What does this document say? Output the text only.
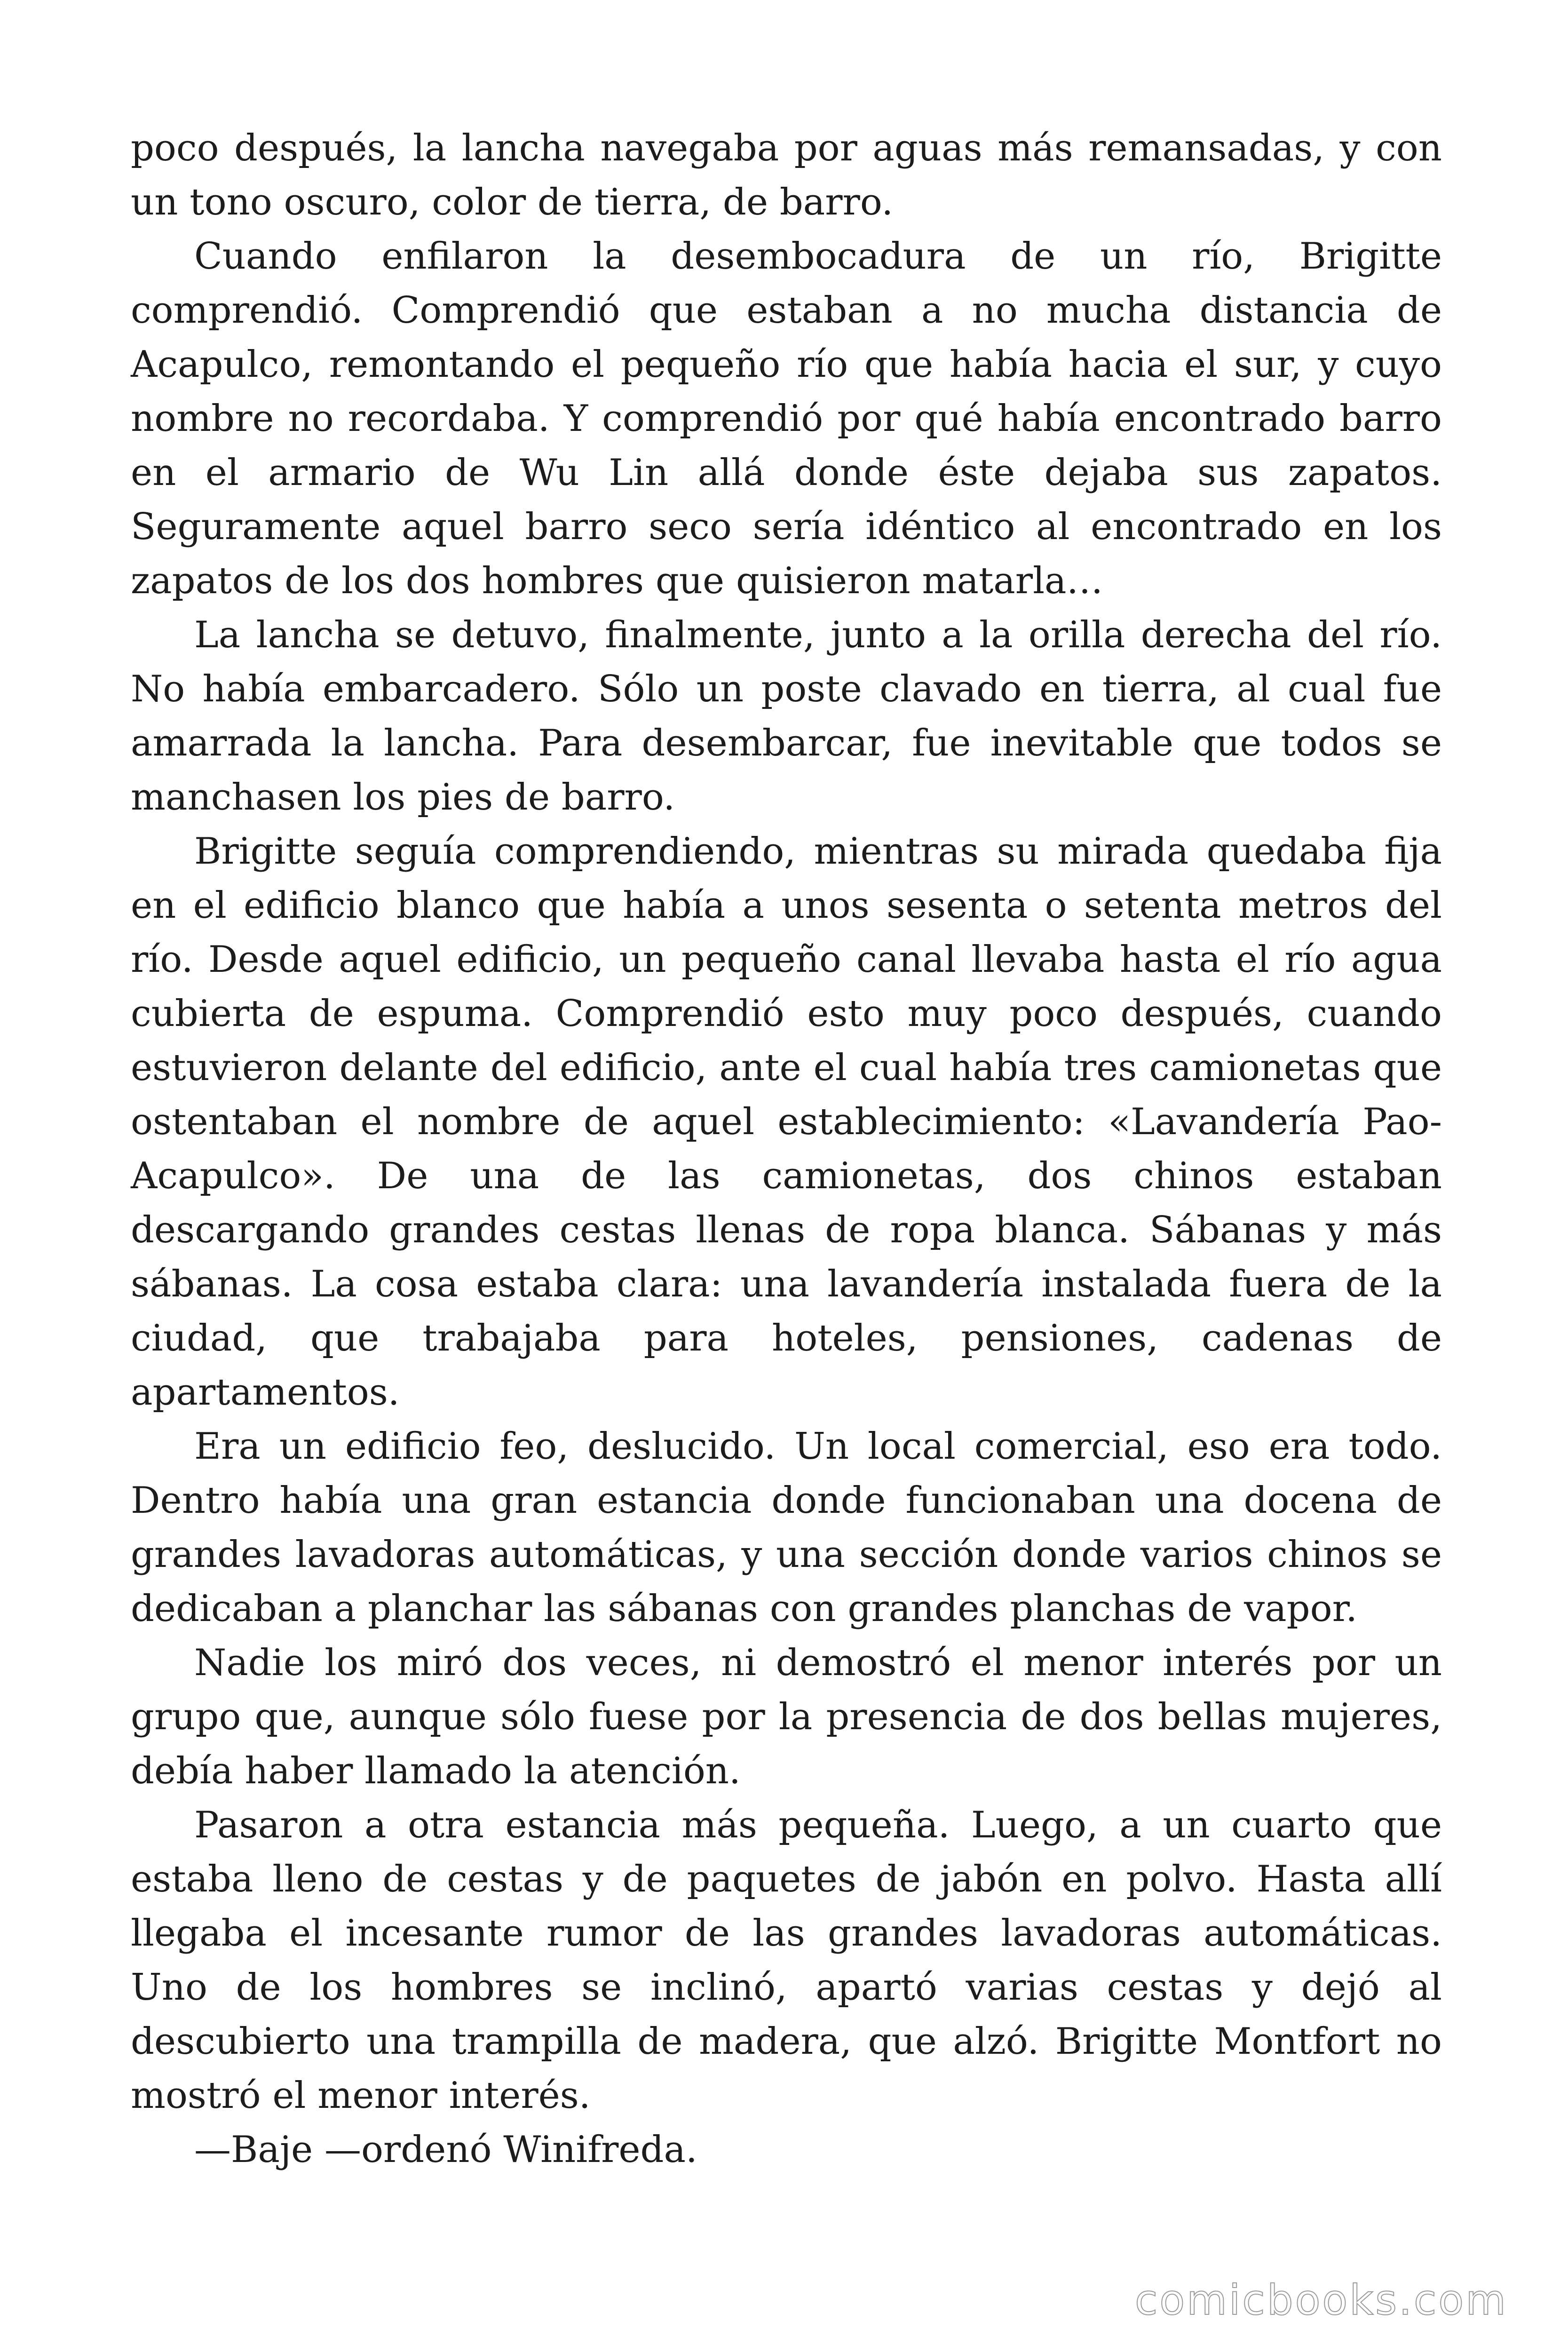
poco después, la lancha navegaba por aguas más remansadas, y con un tono oscuro, color de tierra, de barro.

Cuando enfilaron la desembocadura de un río, Brigitte comprendió. Comprendió que estaban a no mucha distancia de Acapulco, remontando el pequeño río que había hacia el sur, y cuyo nombre no recordaba. Y comprendió por qué había encontrado barro en el armario de Wu Lin allá donde éste dejaba sus zapatos. Seguramente aquel barro seco sería idéntico al encontrado en los zapatos de los dos hombres que quisieron matarla…

La lancha se detuvo, finalmente, junto a la orilla derecha del río. No había embarcadero. Sólo un poste clavado en tierra, al cual fue amarrada la lancha. Para desembarcar, fue inevitable que todos se manchasen los pies de barro.

Brigitte seguía comprendiendo, mientras su mirada quedaba fija en el edificio blanco que había a unos sesenta o setenta metros del río. Desde aquel edificio, un pequeño canal llevaba hasta el río agua cubierta de espuma. Comprendió esto muy poco después, cuando estuvieron delante del edificio, ante el cual había tres camionetas que ostentaban el nombre de aquel establecimiento: «Lavandería Pao-Acapulco». De una de las camionetas, dos chinos estaban descargando grandes cestas llenas de ropa blanca. Sábanas y más sábanas. La cosa estaba clara: una lavandería instalada fuera de la ciudad, que trabajaba para hoteles, pensiones, cadenas de apartamentos.

Era un edificio feo, deslucido. Un local comercial, eso era todo. Dentro había una gran estancia donde funcionaban una docena de grandes lavadoras automáticas, y una sección donde varios chinos se dedicaban a planchar las sábanas con grandes planchas de vapor.

Nadie los miró dos veces, ni demostró el menor interés por un grupo que, aunque sólo fuese por la presencia de dos bellas mujeres, debía haber llamado la atención.

Pasaron a otra estancia más pequeña. Luego, a un cuarto que estaba lleno de cestas y de paquetes de jabón en polvo. Hasta allí llegaba el incesante rumor de las grandes lavadoras automáticas. Uno de los hombres se inclinó, apartó varias cestas y dejó al descubierto una trampilla de madera, que alzó. Brigitte Montfort no mostró el menor interés.

—Baje —ordenó Winifreda.

comicbooks.com
